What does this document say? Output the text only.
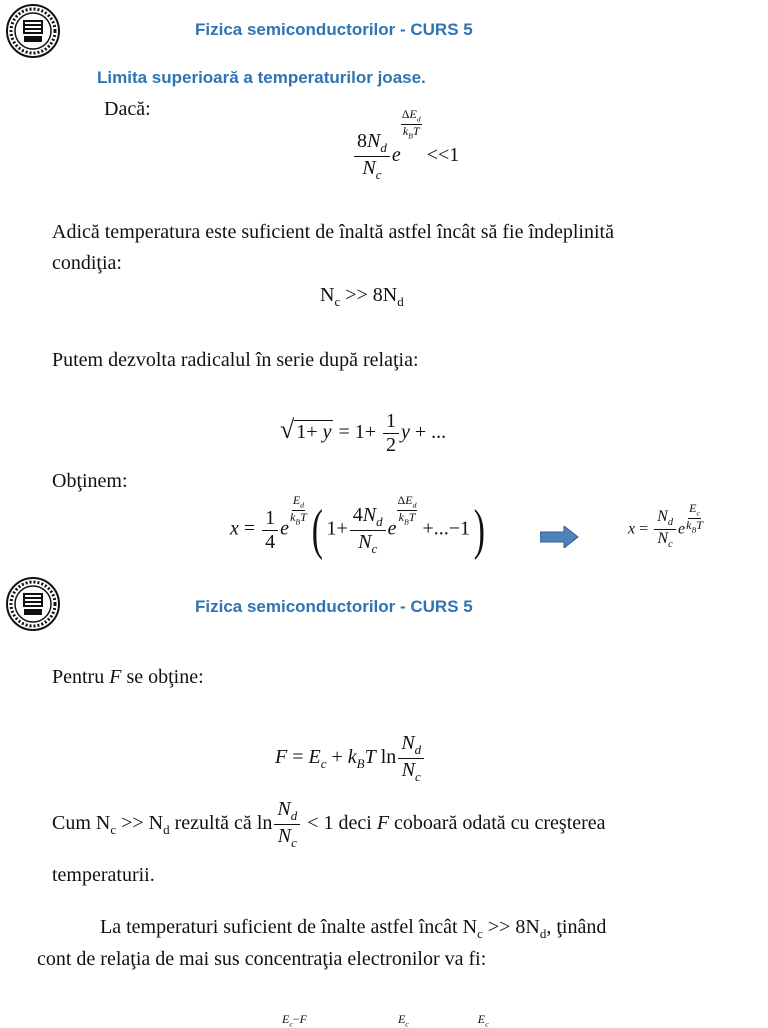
Fizica semiconductorilor - CURS 5
Limita superioară a temperaturilor joase.
Dacă:
$\frac{8N_d}{N_c}$ e
$\frac{\Delta E_d}{k_BT}$
<<1
Adică temperatura este suficient de înaltă astfel încât să fie îndeplinită
condiţia:
$N_c >> 8N_d$
Putem dezvolta radicalul în serie după relaţia:
√ $1+ y = 1+ \frac{1}{2}$ y + ...
Obţinem:
$x = \frac{1}{4}$ e
$\frac{E_d}{k_BT}$ ( $1+ \frac{4N_d}{N_c}$ e
$\frac{\Delta E_d}{k_BT}$
+...−1)	$x = \frac{N_d}{N_c}$ e $\frac{E_c}{k_BT}$
Fizica semiconductorilor - CURS 5
Pentru F se obţine:
$F = E_c + k_BT$ $\ln \frac{N_d}{N_c}$
Cum $N_c >> N_d$ rezultă că $\ln \frac{N_d}{N_c} < 1$ deci F coboară odată cu creşterea
temperaturii.
La temperaturi suficient de înalte astfel încât $N_c >> 8N_d$, ţinând
cont de relaţia de mai sus concentraţia electronilor va fi:
$E_c-F$	$E_c$	$E_c$
